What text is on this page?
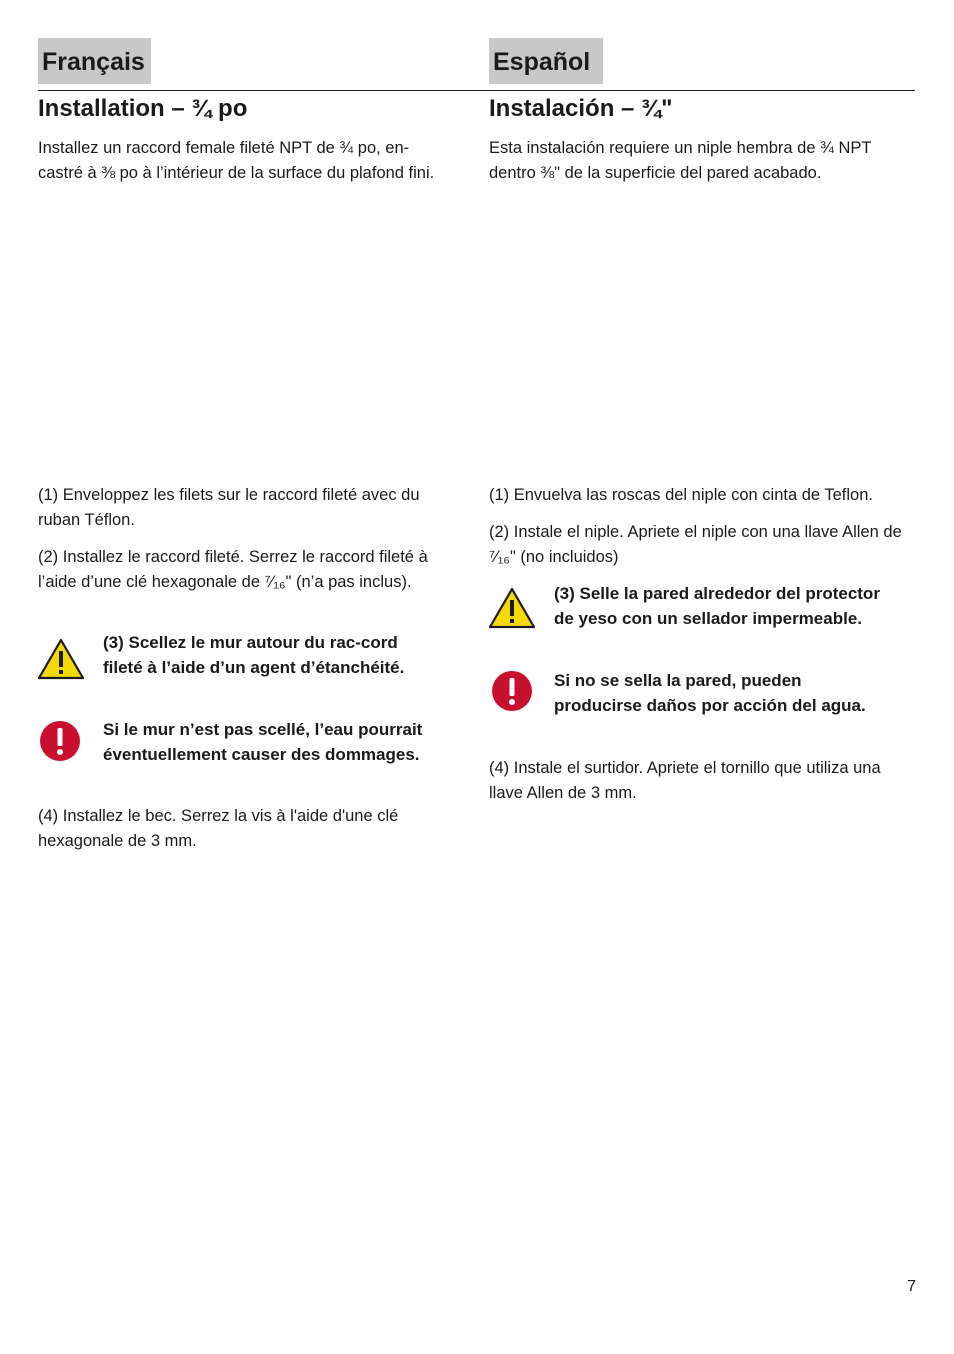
Français	Español
Installation – ¾ po

Installez un raccord female fileté NPT de ¾ po, en-castré à ⅜ po à l’intérieur de la surface du plafond fini.

(1) Enveloppez les filets sur le raccord fileté avec du ruban Téflon.

(2) Installez le raccord fileté. Serrez le raccord fileté à l’aide d’une clé hexagonale de ⁷⁄₁₆" (n’a pas inclus).

(3) Scellez le mur autour du rac-cord fileté à l’aide d’un agent d’étanchéité.

Si le mur n’est pas scellé, l’eau pourrait éventuellement causer des dommages.

(4) Installez le bec. Serrez la vis à l'aide d'une clé hexagonale de 3 mm.

Instalación – ¾"

Esta instalación requiere un niple hembra de ¾ NPT dentro ⅜" de la superficie del pared acabado.

(1) Envuelva las roscas del niple con cinta de Teflon.

(2) Instale el niple. Apriete el niple con una llave Allen de ⁷⁄₁₆" (no incluidos)

(3) Selle la pared alrededor del protector de yeso con un sellador impermeable.

Si no se sella la pared, pueden producirse daños por acción del agua.

(4) Instale el surtidor. Apriete el tornillo que utiliza una llave Allen de 3 mm.

7
